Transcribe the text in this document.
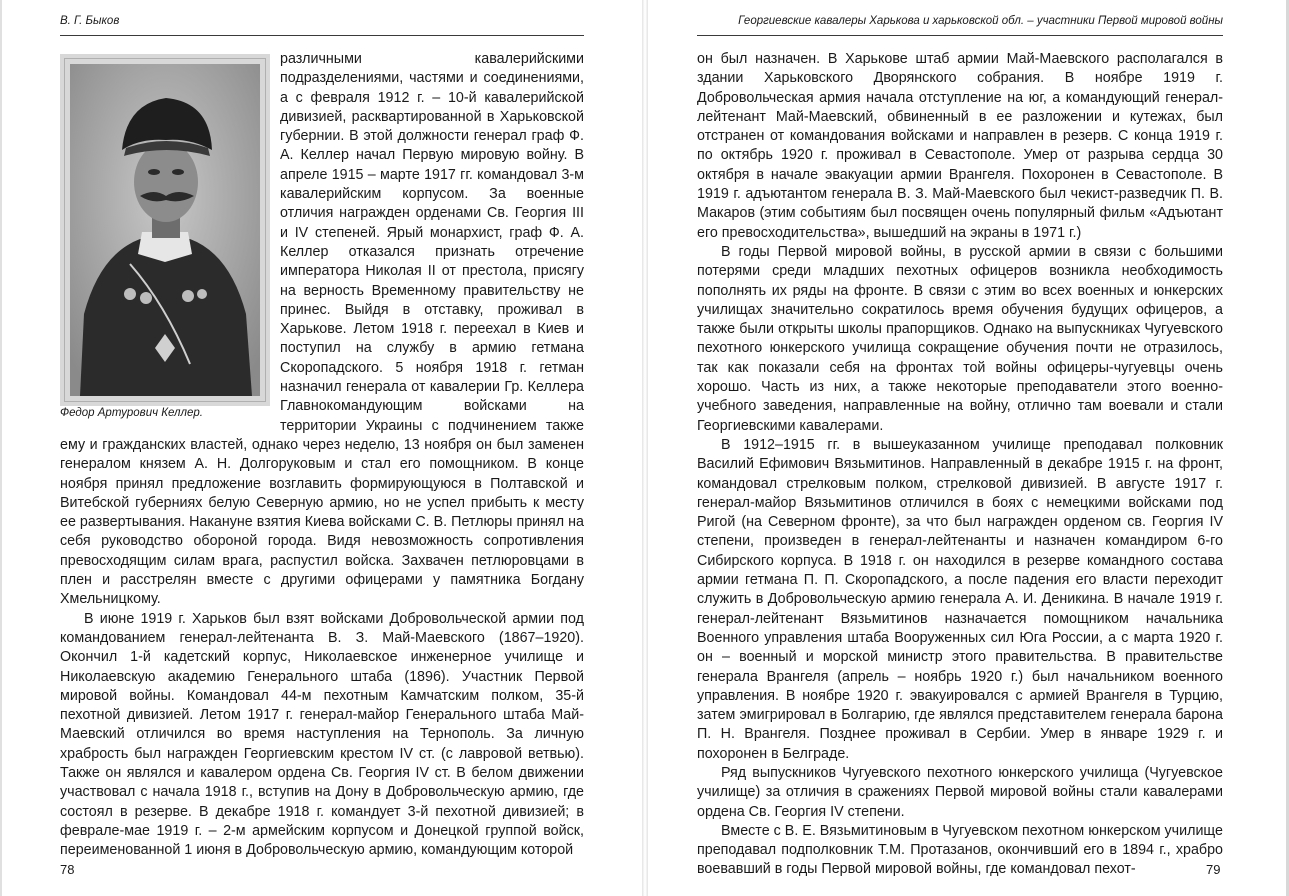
В. Г. Быков	Георгиевские кавалеры Харькова и харьковской обл. – участники Первой мировой войны
Федор Артурович Келлер.

различными кавалерийскими подразделениями, частями и соединениями, а с февраля 1912 г. – 10-й кавалерийской дивизией, расквартированной в Харьковской губернии. В этой должности генерал граф Ф. А. Келлер начал Первую мировую войну. В апреле 1915 – марте 1917 гг. командовал 3-м кавалерийским корпусом. За военные отличия награжден орденами Св. Георгия III и IV степеней. Ярый монархист, граф Ф. А. Келлер отказался признать отречение императора Николая II от престола, присягу на верность Временному правительству не принес. Выйдя в отставку, проживал в Харькове. Летом 1918 г. переехал в Киев и поступил на службу в армию гетмана Скоропадского. 5 ноября 1918 г. гетман назначил генерала от кавалерии Гр. Келлера Главнокомандующим войсками на территории Украины с подчинением также ему и гражданских властей, однако через неделю, 13 ноября он был заменен генералом князем А. Н. Долгоруковым и стал его помощником. В конце ноября принял предложение возглавить формирующуюся в Полтавской и Витебской губерниях белую Северную армию, но не успел прибыть к месту ее развертывания. Накануне взятия Киева войсками С. В. Петлюры принял на себя руководство обороной города. Видя невозможность сопротивления превосходящим силам врага, распустил войска. Захвачен петлюровцами в плен и расстрелян вместе с другими офицерами у памятника Богдану Хмельницкому.

В июне 1919 г. Харьков был взят войсками Добровольческой армии под командованием генерал-лейтенанта В. З. Май-Маевского (1867–1920). Окончил 1-й кадетский корпус, Николаевское инженерное училище и Николаевскую академию Генерального штаба (1896). Участник Первой мировой войны. Командовал 44-м пехотным Камчатским полком, 35-й пехотной дивизией. Летом 1917 г. генерал-майор Генерального штаба Май-Маевский отличился во время наступления на Тернополь. За личную храбрость был награжден Георгиевским крестом IV ст. (с лавровой ветвью). Также он являлся и кавалером ордена Св. Георгия IV ст. В белом движении участвовал с начала 1918 г., вступив на Дону в Добровольческую армию, где состоял в резерве. В декабре 1918 г. командует 3-й пехотной дивизией; в феврале-мае 1919 г. – 2-м армейским корпусом и Донецкой группой войск, переименованной 1 июня в Добровольческую армию, командующим которой

он был назначен. В Харькове штаб армии Май-Маевского располагался в здании Харьковского Дворянского собрания. В ноябре 1919 г. Добровольческая армия начала отступление на юг, а командующий генерал-лейтенант Май-Маевский, обвиненный в ее разложении и кутежах, был отстранен от командования войсками и направлен в резерв. С конца 1919 г. по октябрь 1920 г. проживал в Севастополе. Умер от разрыва сердца 30 октября в начале эвакуации армии Врангеля. Похоронен в Севастополе. В 1919 г. адъютантом генерала В. З. Май-Маевского был чекист-разведчик П. В. Макаров (этим событиям был посвящен очень популярный фильм «Адъютант его превосходительства», вышедший на экраны в 1971 г.)

В годы Первой мировой войны, в русской армии в связи с большими потерями среди младших пехотных офицеров возникла необходимость пополнять их ряды на фронте. В связи с этим во всех военных и юнкерских училищах значительно сократилось время обучения будущих офицеров, а также были открыты школы прапорщиков. Однако на выпускниках Чугуевского пехотного юнкерского училища сокращение обучения почти не отразилось, так как показали себя на фронтах той войны офицеры-чугуевцы очень хорошо. Часть из них, а также некоторые преподаватели этого военно-учебного заведения, направленные на войну, отлично там воевали и стали Георгиевскими кавалерами.

В 1912–1915 гг. в вышеуказанном училище преподавал полковник Василий Ефимович Вязьмитинов. Направленный в декабре 1915 г. на фронт, командовал стрелковым полком, стрелковой дивизией. В августе 1917 г. генерал-майор Вязьмитинов отличился в боях с немецкими войсками под Ригой (на Северном фронте), за что был награжден орденом св. Георгия IV степени, произведен в генерал-лейтенанты и назначен командиром 6-го Сибирского корпуса. В 1918 г. он находился в резерве командного состава армии гетмана П. П. Скоропадского, а после падения его власти переходит служить в Добровольческую армию генерала А. И. Деникина. В начале 1919 г. генерал-лейтенант Вязьмитинов назначается помощником начальника Военного управления штаба Вооруженных сил Юга России, а с марта 1920 г. он – военный и морской министр этого правительства. В правительстве генерала Врангеля (апрель – ноябрь 1920 г.) был начальником военного управления. В ноябре 1920 г. эвакуировался с армией Врангеля в Турцию, затем эмигрировал в Болгарию, где являлся представителем генерала барона П. Н. Врангеля. Позднее проживал в Сербии. Умер в январе 1929 г. и похоронен в Белграде.

Ряд выпускников Чугуевского пехотного юнкерского училища (Чугуевское училище) за отличия в сражениях Первой мировой войны стали кавалерами ордена Св. Георгия IV степени.

Вместе с В. Е. Вязьмитиновым в Чугуевском пехотном юнкерском училище преподавал подполковник Т.М. Протазанов, окончивший его в 1894 г., храбро воевавший в годы Первой мировой войны, где командовал пехот-

78	79
